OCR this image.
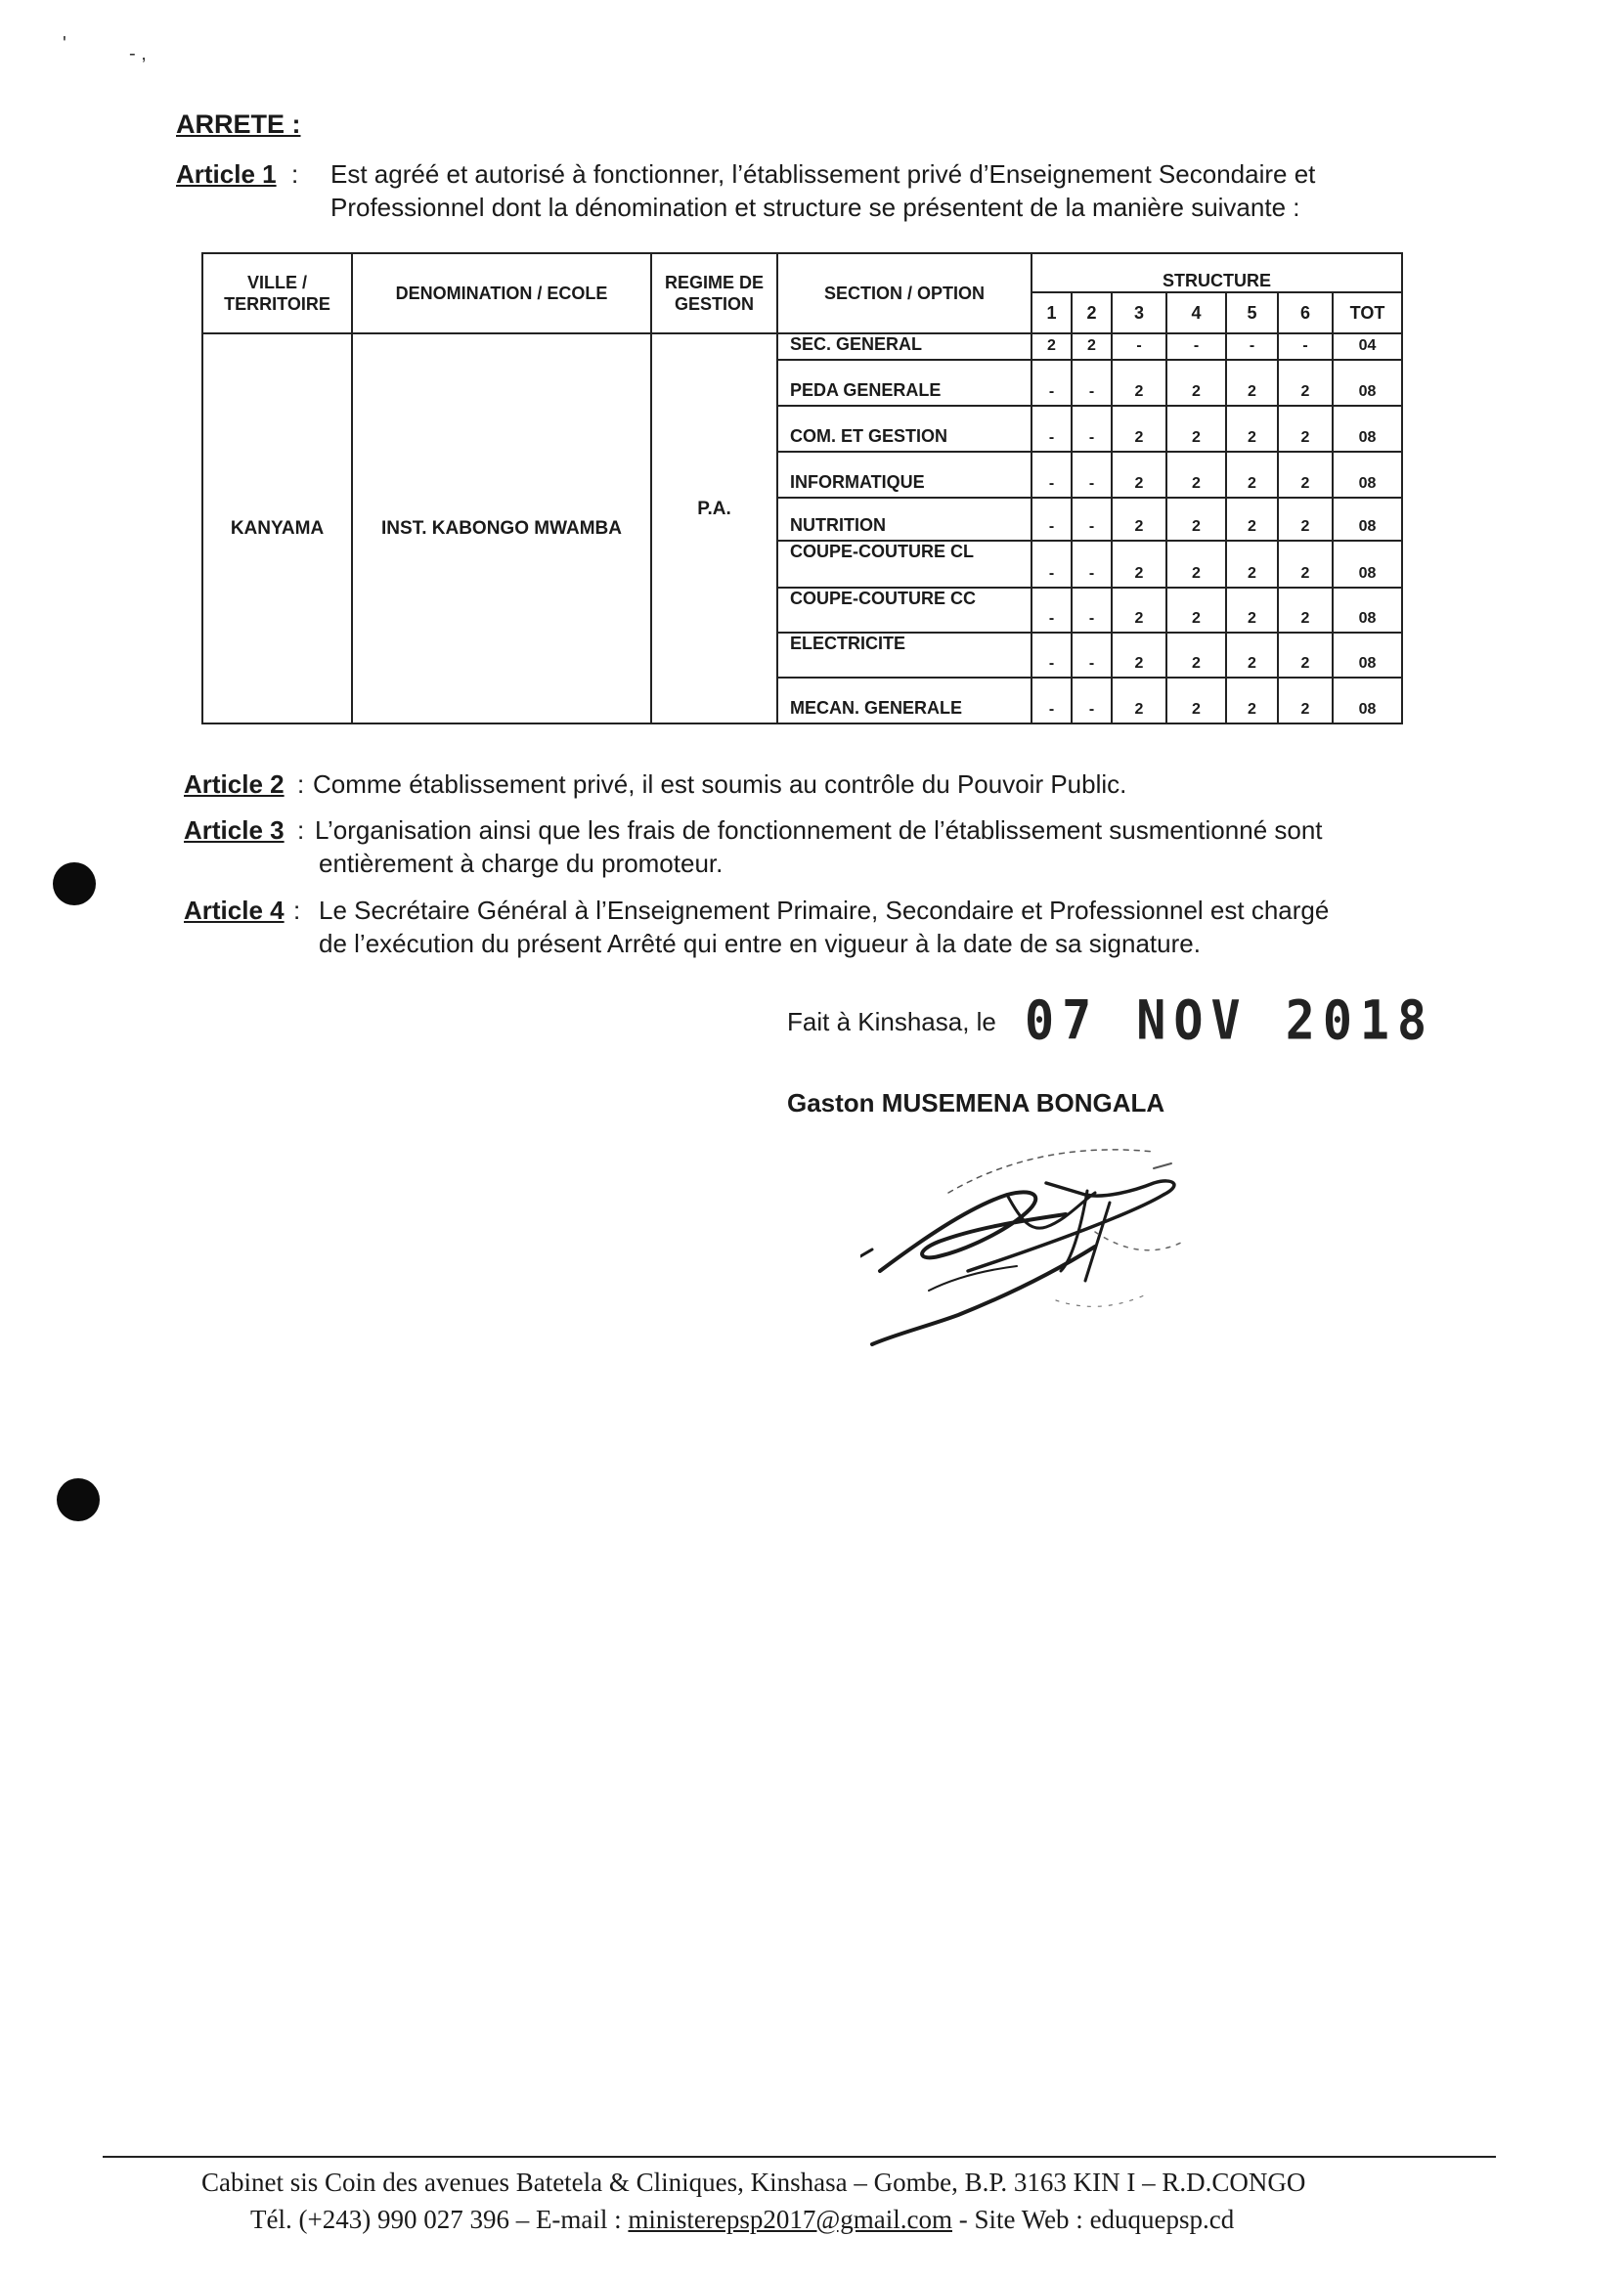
'	- ,
ARRETE :
Article 1 : Est agréé et autorisé à fonctionner, l’établissement privé d’Enseignement Secondaire et
Professionnel dont la dénomination et structure se présentent de la manière suivante :
VILLE / TERRITOIRE	DENOMINATION / ECOLE	REGIME DE GESTION	SECTION / OPTION	STRUCTURE						
				1	2	3	4	5	6	TOT
KANYAMA	INST. KABONGO MWAMBA	P.A.	SEC. GENERAL	2	2	-	-	-	-	04
			PEDA GENERALE	-	-	2	2	2	2	08
			COM. ET GESTION	-	-	2	2	2	2	08
			INFORMATIQUE	-	-	2	2	2	2	08
			NUTRITION	-	-	2	2	2	2	08
			COUPE-COUTURE CL	-	-	2	2	2	2	08
			COUPE-COUTURE CC	-	-	2	2	2	2	08
			ELECTRICITE	-	-	2	2	2	2	08
			MECAN. GENERALE	-	-	2	2	2	2	08
Article 2 : Comme établissement privé, il est soumis au contrôle du Pouvoir Public.
Article 3 : L’organisation ainsi que les frais de fonctionnement de l’établissement susmentionné sont
entièrement à charge du promoteur.
Article 4 : Le Secrétaire Général à l’Enseignement Primaire, Secondaire et Professionnel est chargé
de l’exécution du présent Arrêté qui entre en vigueur à la date de sa signature.
Fait à Kinshasa, le 07 NOV 2018
Gaston MUSEMENA BONGALA
Cabinet sis Coin des avenues Batetela & Cliniques, Kinshasa – Gombe, B.P. 3163 KIN I – R.D.CONGO
Tél. (+243) 990 027 396 – E-mail : ministerepsp2017@gmail.com - Site Web : eduquepsp.cd
